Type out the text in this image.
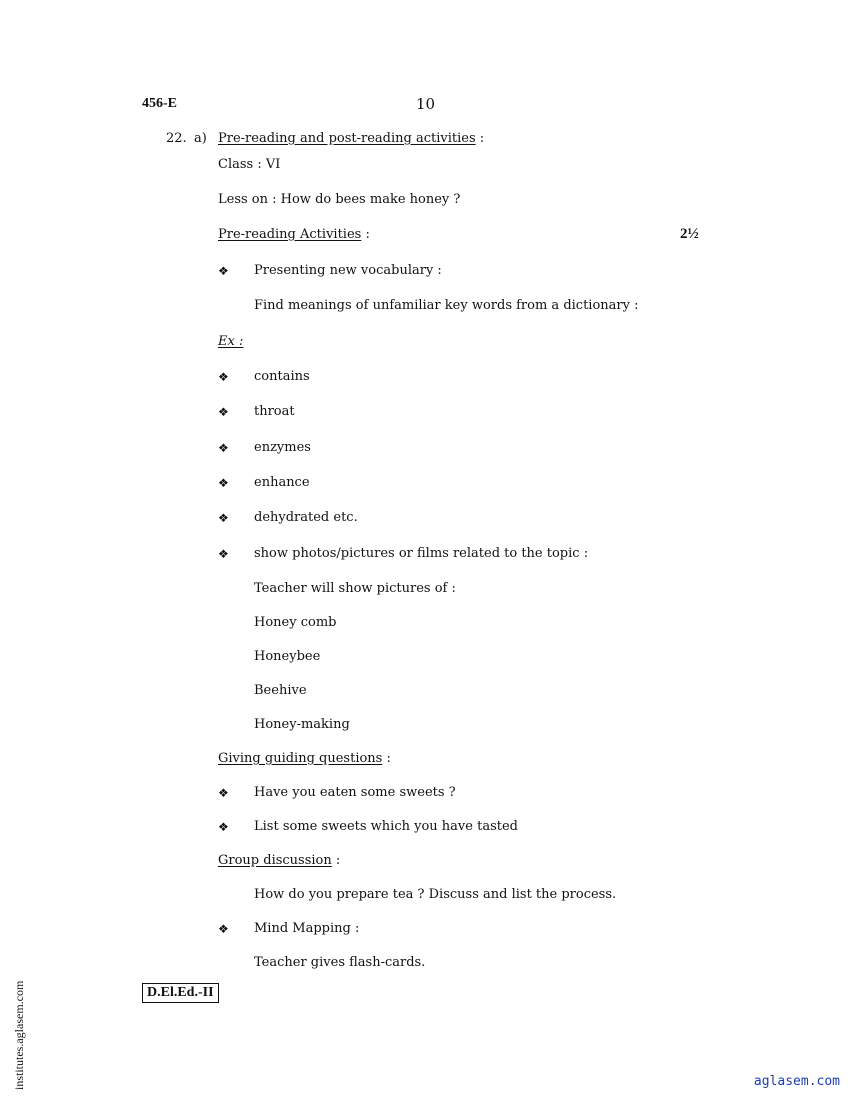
456-E	10
22. a) Pre-reading and post-reading activities :
Class : VI
Less on : How do bees make honey ?
Pre-reading Activities :	2½
❖ Presenting new vocabulary :
Find meanings of unfamiliar key words from a dictionary :
Ex :
❖ contains
❖ throat
❖ enzymes
❖ enhance
❖ dehydrated etc.
❖ show photos/pictures or films related to the topic :
Teacher will show pictures of :
Honey comb
Honeybee
Beehive
Honey-making
Giving guiding questions :
❖ Have you eaten some sweets ?
❖ List some sweets which you have tasted
Group discussion :
How do you prepare tea ? Discuss and list the process.
❖ Mind Mapping :
Teacher gives flash-cards.
D.El.Ed.-II
institutes.aglasem.com	aglasem.com
